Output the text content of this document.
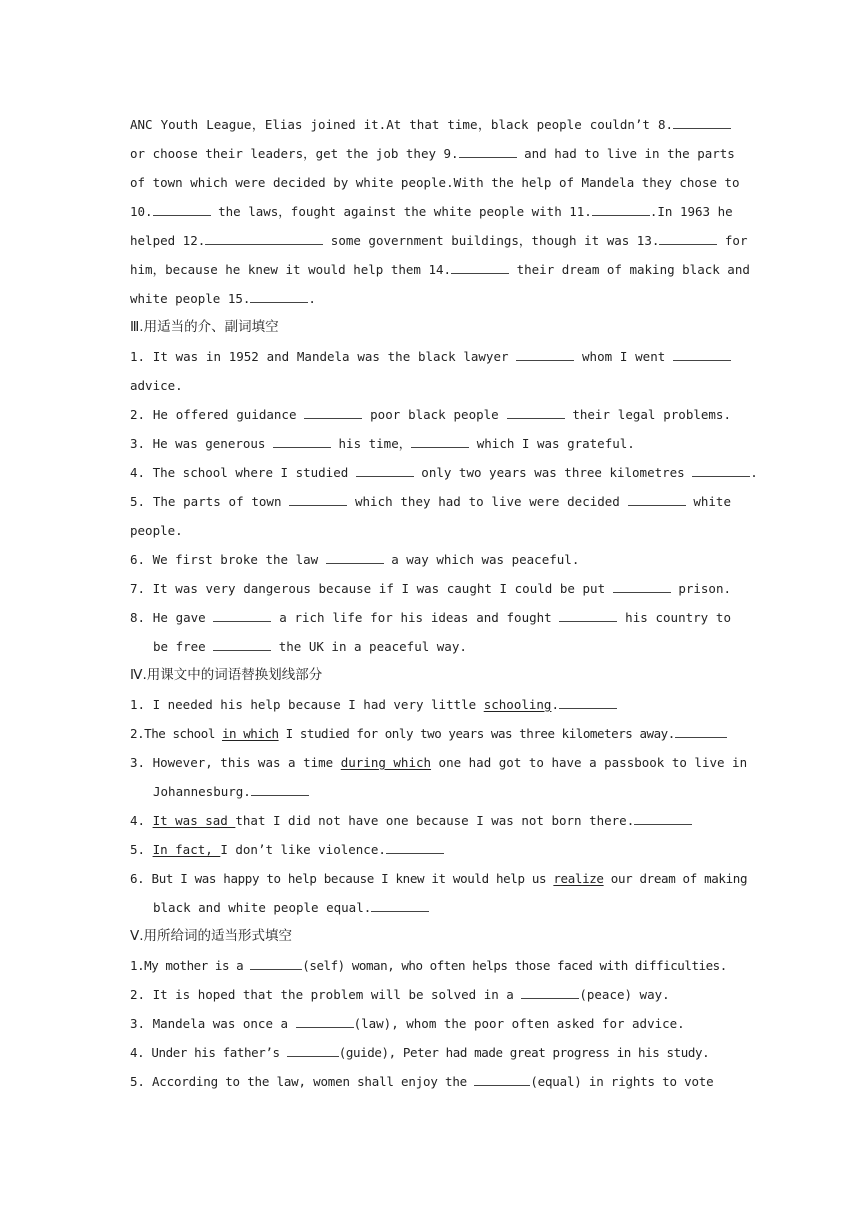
ANC Youth League，Elias joined it.At that time，black people couldn’t 8.
or choose their leaders，get the job they 9.	and had to live in the parts
of town which were decided by white people.With the help of Mandela they chose to
10.	the laws，fought against the white people with 11.	.In 1963 he
helped 12.	some government buildings，though it was 13.	for
him，because he knew it would help them 14.	their dream of making black and
white people 15.	.
Ⅲ.用适当的介、副词填空
1. It was in 1952 and Mandela was the black lawyer	whom I went
advice.
2. He offered guidance	poor black people	their legal problems.
3. He was generous	his time，	which I was grateful.
4. The school where I studied	only two years was three kilometres	.
5. The parts of town	which they had to live were decided	white
people.
6. We first broke the law	a way which was peaceful.
7. It was very dangerous because if I was caught I could be put	prison.
8. He gave	a rich life for his ideas and fought	his country to
be free	the UK in a peaceful way.
Ⅳ.用课文中的词语替换划线部分
1. I needed his help because I had very little schooling.
2.The school in which I studied for only two years was three kilometers away.
3. However, this was a time during which one had got to have a passbook to live in
Johannesburg.
4. It was sad that I did not have one because I was not born there.
5. In fact, I don’t like violence.
6. But I was happy to help because I knew it would help us realize our dream of making
black and white people equal.
Ⅴ.用所给词的适当形式填空
1.My mother is a	(self) woman, who often helps those faced with difficulties.
2. It is hoped that the problem will be solved in a	(peace) way.
3. Mandela was once a	(law), whom the poor often asked for advice.
4. Under his father’s	(guide), Peter had made great progress in his study.
5. According to the law, women shall enjoy the	(equal) in rights to vote
